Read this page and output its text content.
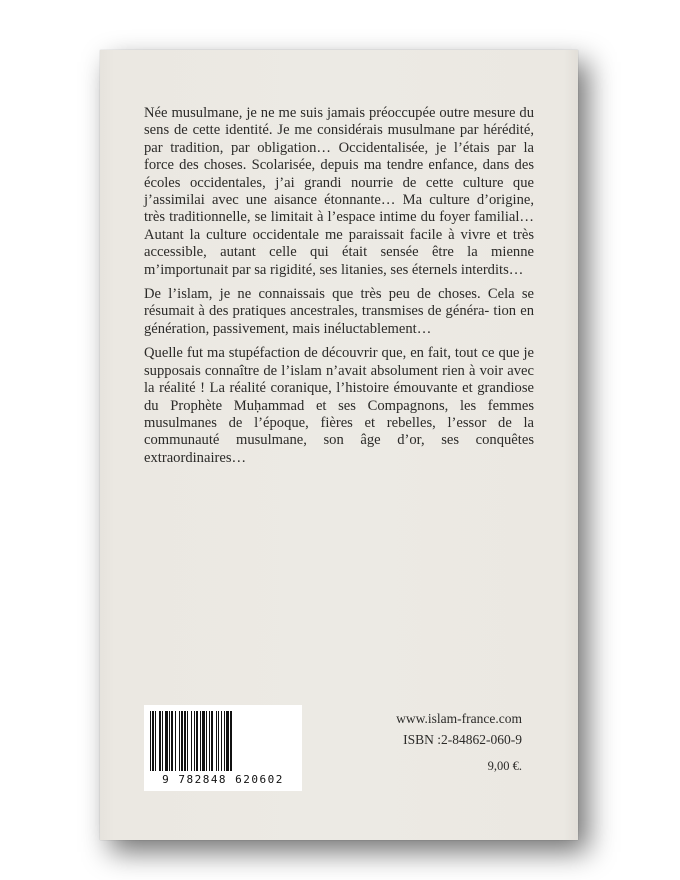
Née musulmane, je ne me suis jamais préoccupée outre mesure du sens de cette identité. Je me considérais musulmane par hérédité, par tradition, par obligation… Occidentalisée, je l’étais par la force des choses. Scolarisée, depuis ma tendre enfance, dans des écoles occidentales, j’ai grandi nourrie de cette culture que j’assimilai avec une aisance étonnante… Ma culture d’origine, très traditionnelle, se limitait à l’espace intime du foyer familial… Autant la culture occidentale me paraissait facile à vivre et très accessible, autant celle qui était sensée être la mienne m’importunait par sa rigidité, ses litanies, ses éternels interdits…

De l’islam, je ne connaissais que très peu de choses. Cela se résumait à des pratiques ancestrales, transmises de généra- tion en génération, passivement, mais inéluctablement…

Quelle fut ma stupéfaction de découvrir que, en fait, tout ce que je supposais connaître de l’islam n’avait absolument rien à voir avec la réalité ! La réalité coranique, l’histoire émouvante et grandiose du Prophète Muḥammad et ses Compagnons, les femmes musulmanes de l’époque, fières et rebelles, l’essor de la communauté musulmane, son âge d’or, ses conquêtes extraordinaires…

9 782848 620602
www.islam-france.com
ISBN :2-84862-060-9
9,00 €.
